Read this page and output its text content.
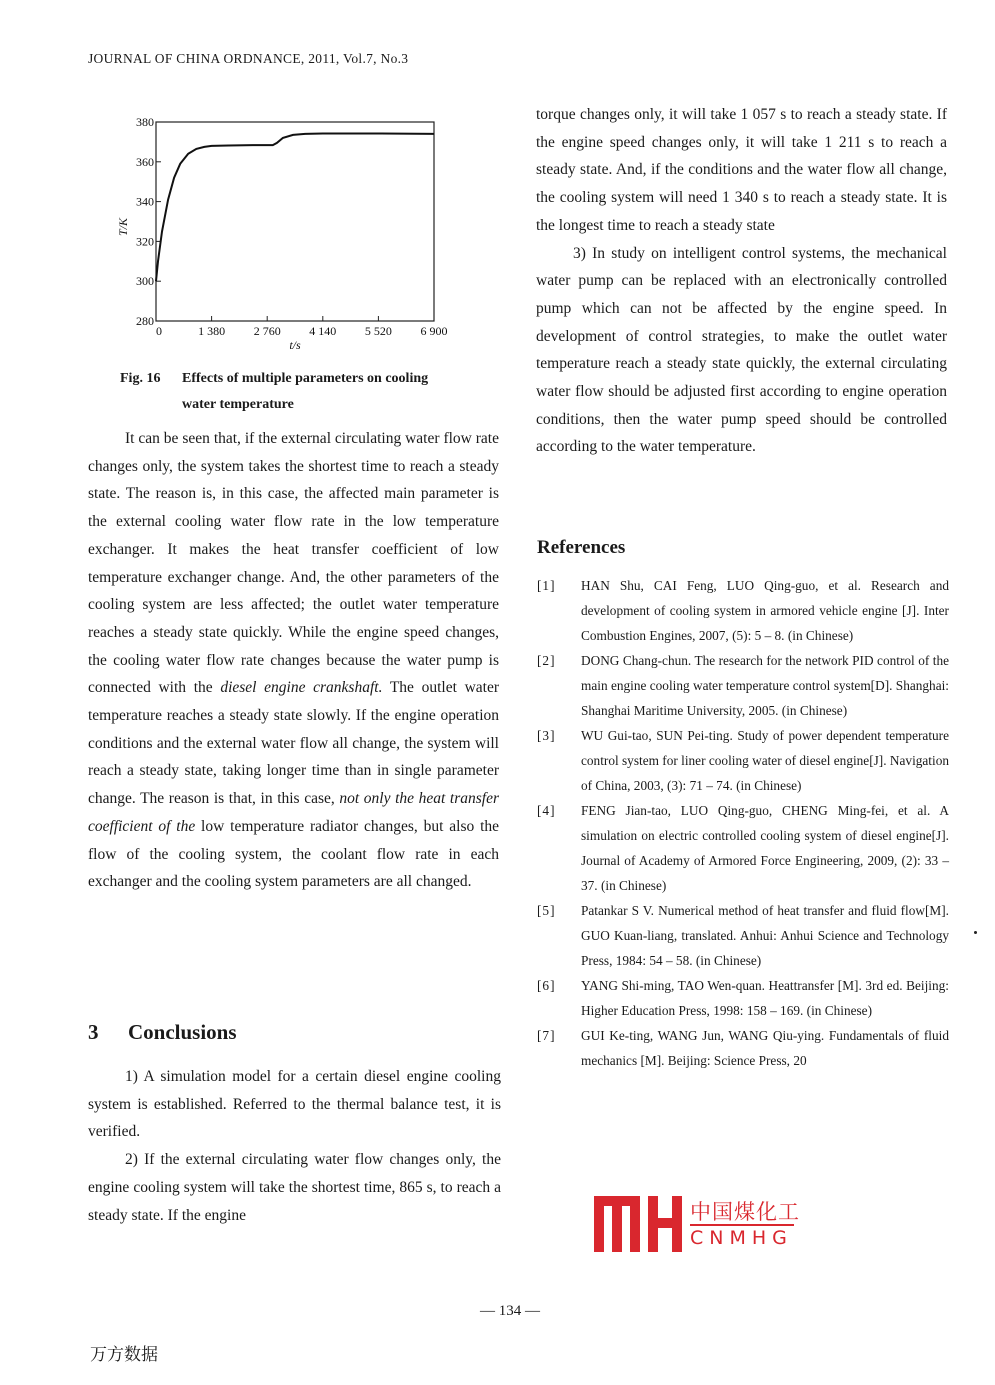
JOURNAL OF CHINA ORDNANCE, 2011, Vol.7, No.3
280
300
320
340
360
380
0	1 380 2 760 4 140 5 520 6 900
T/K
t/s
Fig. 16 Effects of multiple parameters on cooling
water temperature

It can be seen that, if the external circulating water flow rate changes only, the system takes the shortest time to reach a steady state. The reason is, in this case, the affected main parameter is the external cooling water flow rate in the low temperature exchanger. It makes the heat transfer coefficient of low temperature exchanger change. And, the other parameters of the cooling system are less affected; the outlet water temperature reaches a steady state quickly. While the engine speed changes, the cooling water flow rate changes because the water pump is connected with the diesel engine crankshaft. The outlet water temperature reaches a steady state slowly. If the engine operation conditions and the external water flow all change, the system will reach a steady state, taking longer time than in single parameter change. The reason is that, in this case, not only the heat transfer coefficient of the low temperature radiator changes, but also the flow of the cooling system, the coolant flow rate in each exchanger and the cooling system parameters are all changed.

3 Conclusions

1) A simulation model for a certain diesel engine cooling system is established. Referred to the thermal balance test, it is verified.

2) If the external circulating water flow changes only, the engine cooling system will take the shortest time, 865 s, to reach a steady state. If the engine

torque changes only, it will take 1 057 s to reach a steady state. If the engine speed changes only, it will take 1 211 s to reach a steady state. And, if the conditions and the water flow all change, the cooling system will need 1 340 s to reach a steady state. It is the longest time to reach a steady state

3) In study on intelligent control systems, the mechanical water pump can be replaced with an electronically controlled pump which can not be affected by the engine speed. In development of control strategies, to make the outlet water temperature reach a steady state quickly, the external circulating water flow should be adjusted first according to engine operation conditions, then the water pump speed should be controlled according to the water temperature.

References
[1]	HAN Shu, CAI Feng, LUO Qing-guo, et al. Research and development of cooling system in armored vehicle engine [J]. Inter Combustion Engines, 2007, (5): 5 – 8. (in Chinese)
[2]	DONG Chang-chun. The research for the network PID control of the main engine cooling water temperature control system[D]. Shanghai: Shanghai Maritime University, 2005. (in Chinese)
[3]	WU Gui-tao, SUN Pei-ting. Study of power dependent temperature control system for liner cooling water of diesel engine[J]. Navigation of China, 2003, (3): 71 – 74. (in Chinese)
[4]	FENG Jian-tao, LUO Qing-guo, CHENG Ming-fei, et al. A simulation on electric controlled cooling system of diesel engine[J]. Journal of Academy of Armored Force Engineering, 2009, (2): 33 – 37. (in Chinese)
[5]	Patankar S V. Numerical method of heat transfer and fluid flow[M]. GUO Kuan-liang, translated. Anhui: Anhui Science and Technology Press, 1984: 54 – 58. (in Chinese)
[6]	YANG Shi-ming, TAO Wen-quan. Heattransfer [M]. 3rd ed. Beijing: Higher Education Press, 1998: 158 – 169. (in Chinese)
[7]	GUI Ke-ting, WANG Jun, WANG Qiu-ying. Fundamentals of fluid mechanics [M]. Beijing: Science Press, 20
中国煤化工
CNMHG
— 134 —
万方数据
